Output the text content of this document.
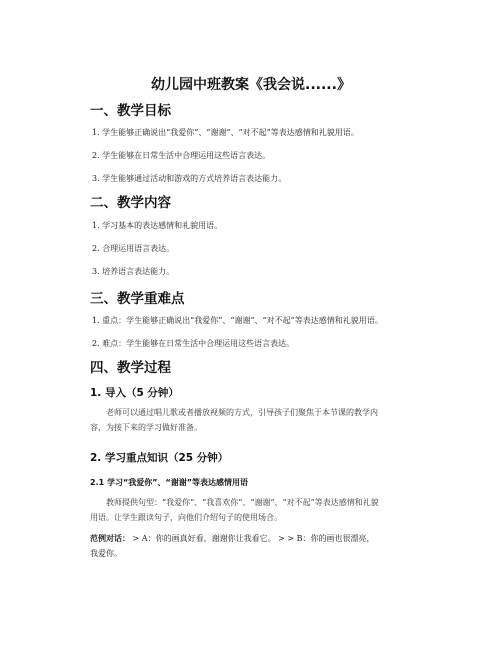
幼儿园中班教案《我会说......》
一、教学目标
1. 学生能够正确说出“我爱你”、“谢谢”、“对不起”等表达感情和礼貌用语。
2. 学生能够在日常生活中合理运用这些语言表达。
3. 学生能够通过活动和游戏的方式培养语言表达能力。
二、教学内容
1. 学习基本的表达感情和礼貌用语。
2. 合理运用语言表达。
3. 培养语言表达能力。
三、教学重难点
1. 重点：学生能够正确说出“我爱你”、“谢谢”、“对不起”等表达感情和礼貌用语。
2. 难点：学生能够在日常生活中合理运用这些语言表达。
四、教学过程
1. 导入（5 分钟）
老师可以通过唱儿歌或者播放视频的方式，引导孩子们聚焦于本节课的教学内
容，为接下来的学习做好准备。
2. 学习重点知识（25 分钟）
2.1 学习“我爱你”、“谢谢”等表达感情用语
教师提供句型：“我爱你”、“我喜欢你”、“谢谢”、“对不起”等表达感情和礼貌
用语。让学生跟读句子，向他们介绍句子的使用场合。
范例对话： > A：你的画真好看，谢谢你让我看它。 > > B：你的画也很漂亮，
我爱你。
